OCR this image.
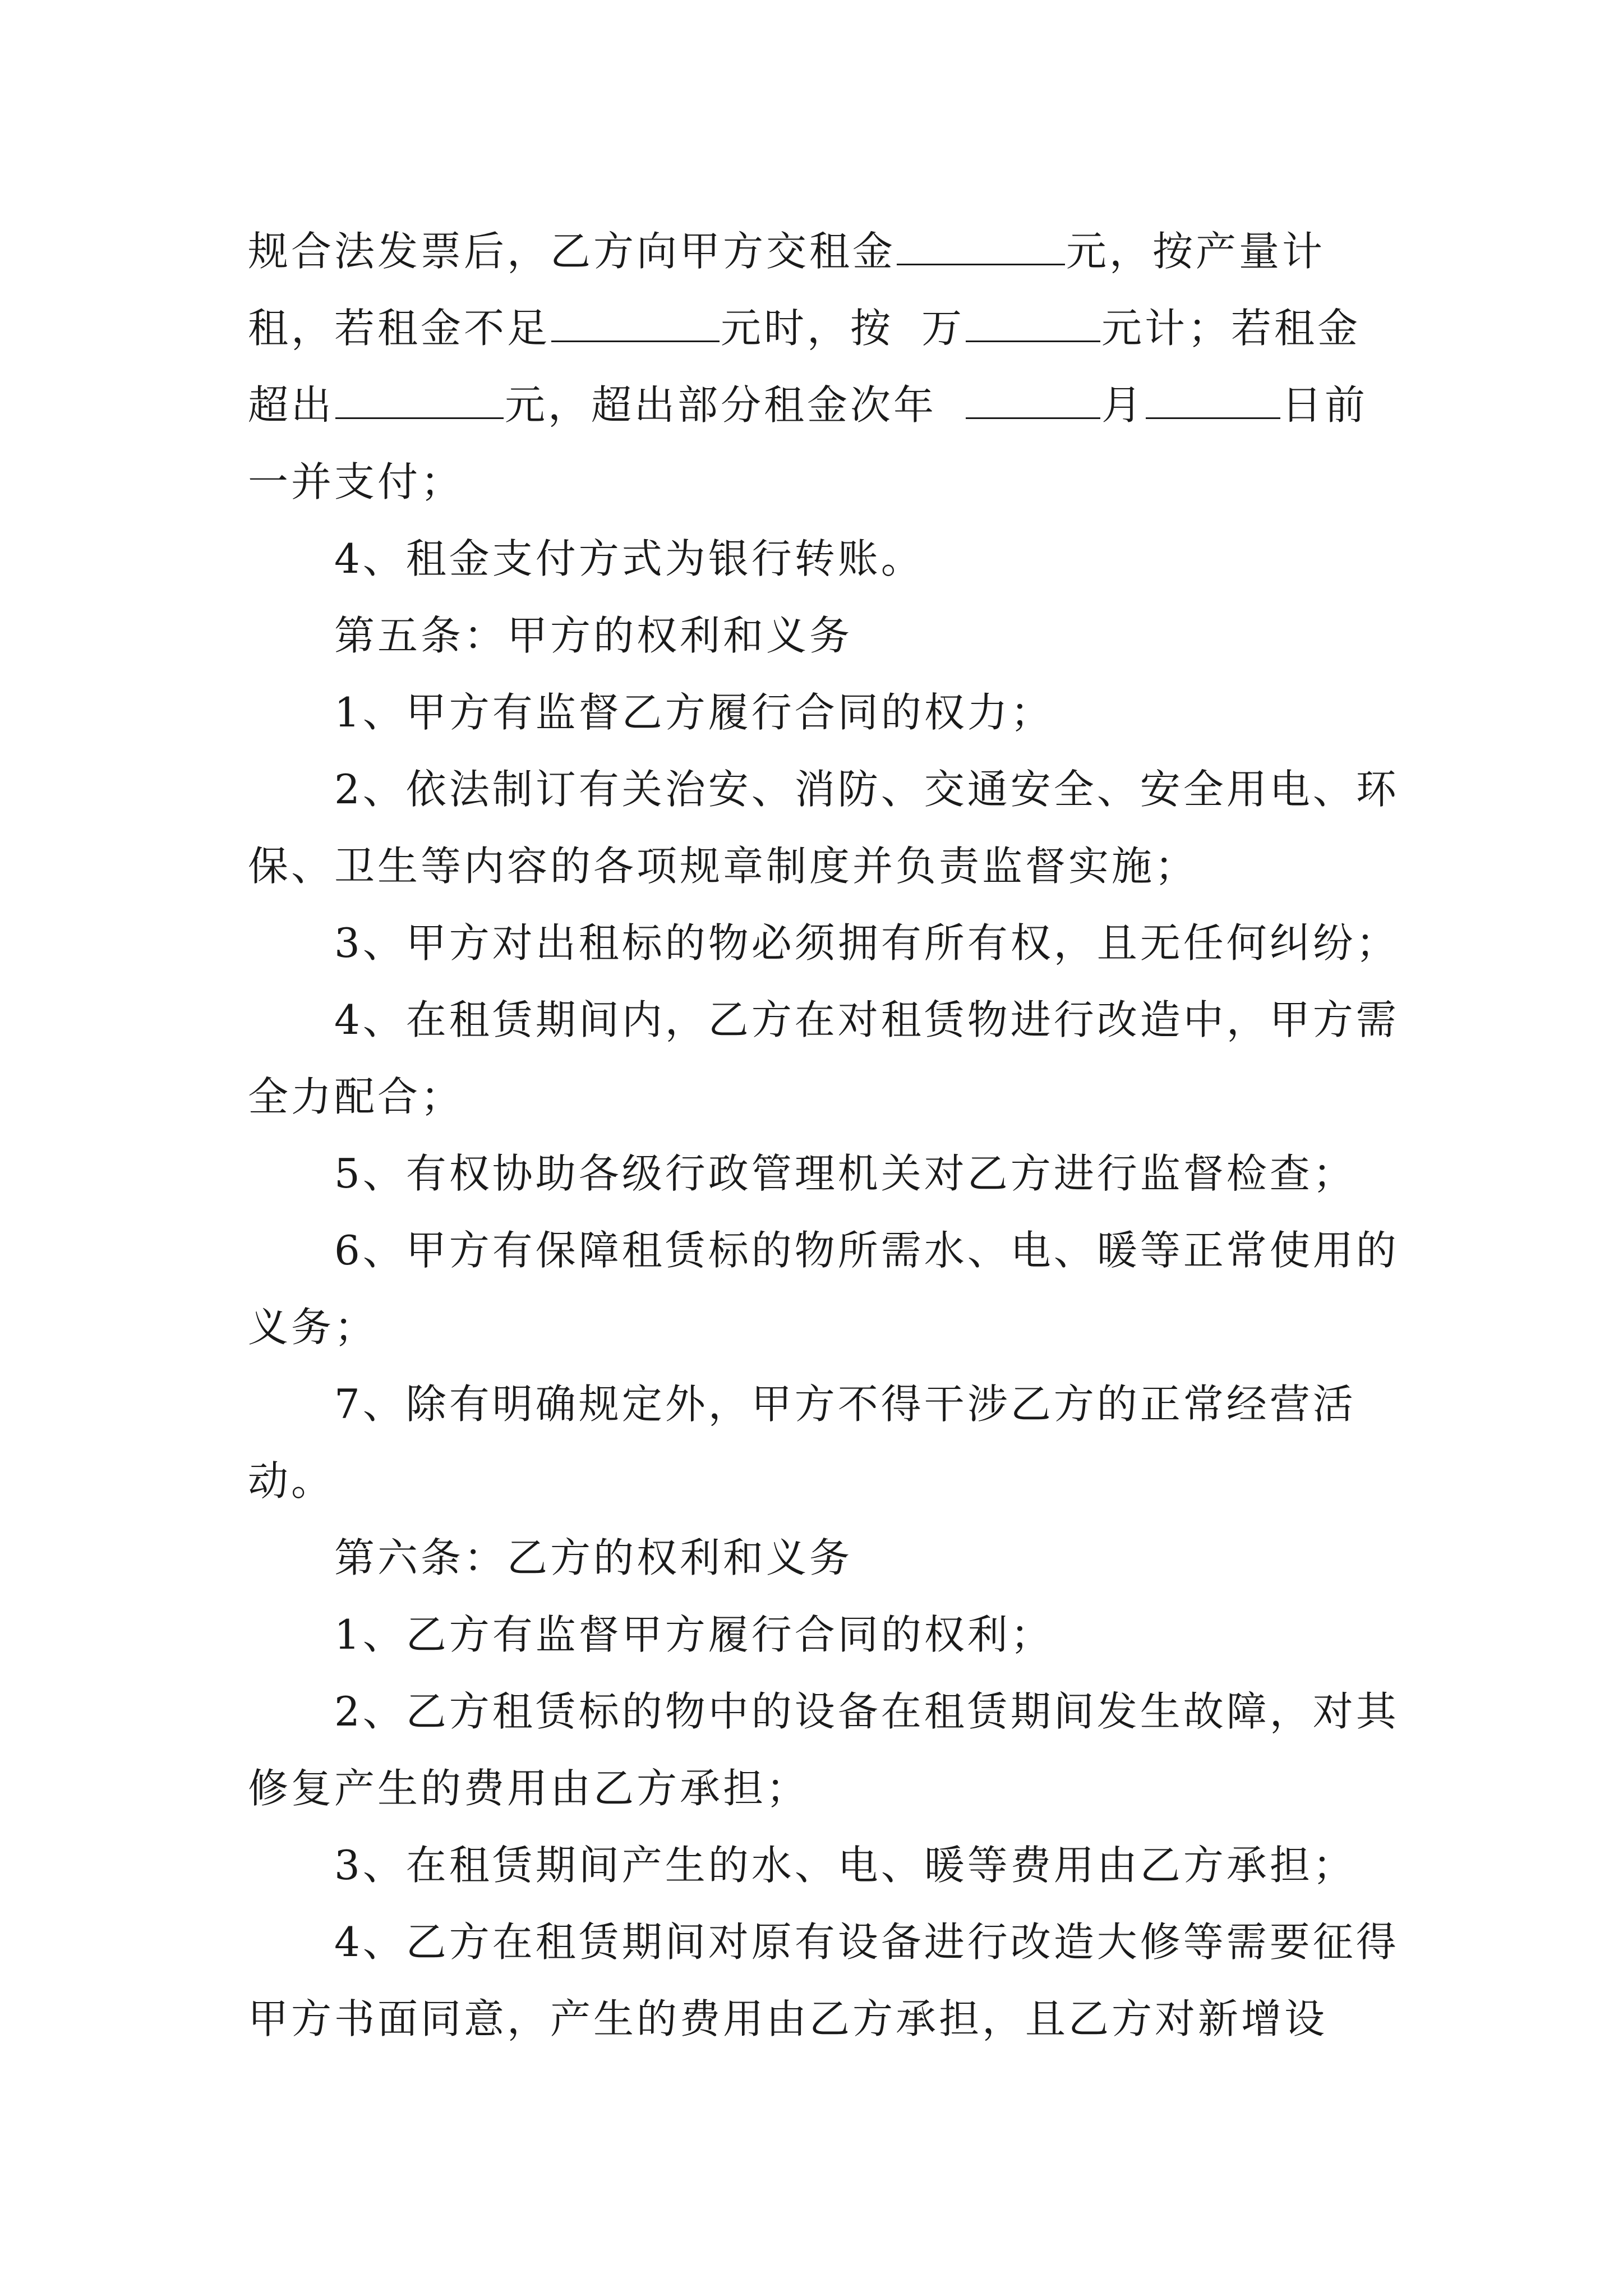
规合法发票后，乙方向甲方交租金	元，按产量计租，若租金不足	元时，按 万	元计；若租金超出	元，超出部分租金次年	月	日前一并支付；

4、租金支付方式为银行转账。

第五条：甲方的权利和义务

1、甲方有监督乙方履行合同的权力；

2、依法制订有关治安、消防、交通安全、安全用电、环保、卫生等内容的各项规章制度并负责监督实施；

3、甲方对出租标的物必须拥有所有权，且无任何纠纷；

4、在租赁期间内，乙方在对租赁物进行改造中，甲方需全力配合；

5、有权协助各级行政管理机关对乙方进行监督检查；

6、甲方有保障租赁标的物所需水、电、暖等正常使用的义务；

7、除有明确规定外，甲方不得干涉乙方的正常经营活动。

第六条：乙方的权利和义务

1、乙方有监督甲方履行合同的权利；

2、乙方租赁标的物中的设备在租赁期间发生故障，对其修复产生的费用由乙方承担；

3、在租赁期间产生的水、电、暖等费用由乙方承担；

4、乙方在租赁期间对原有设备进行改造大修等需要征得甲方书面同意，产生的费用由乙方承担，且乙方对新增设
